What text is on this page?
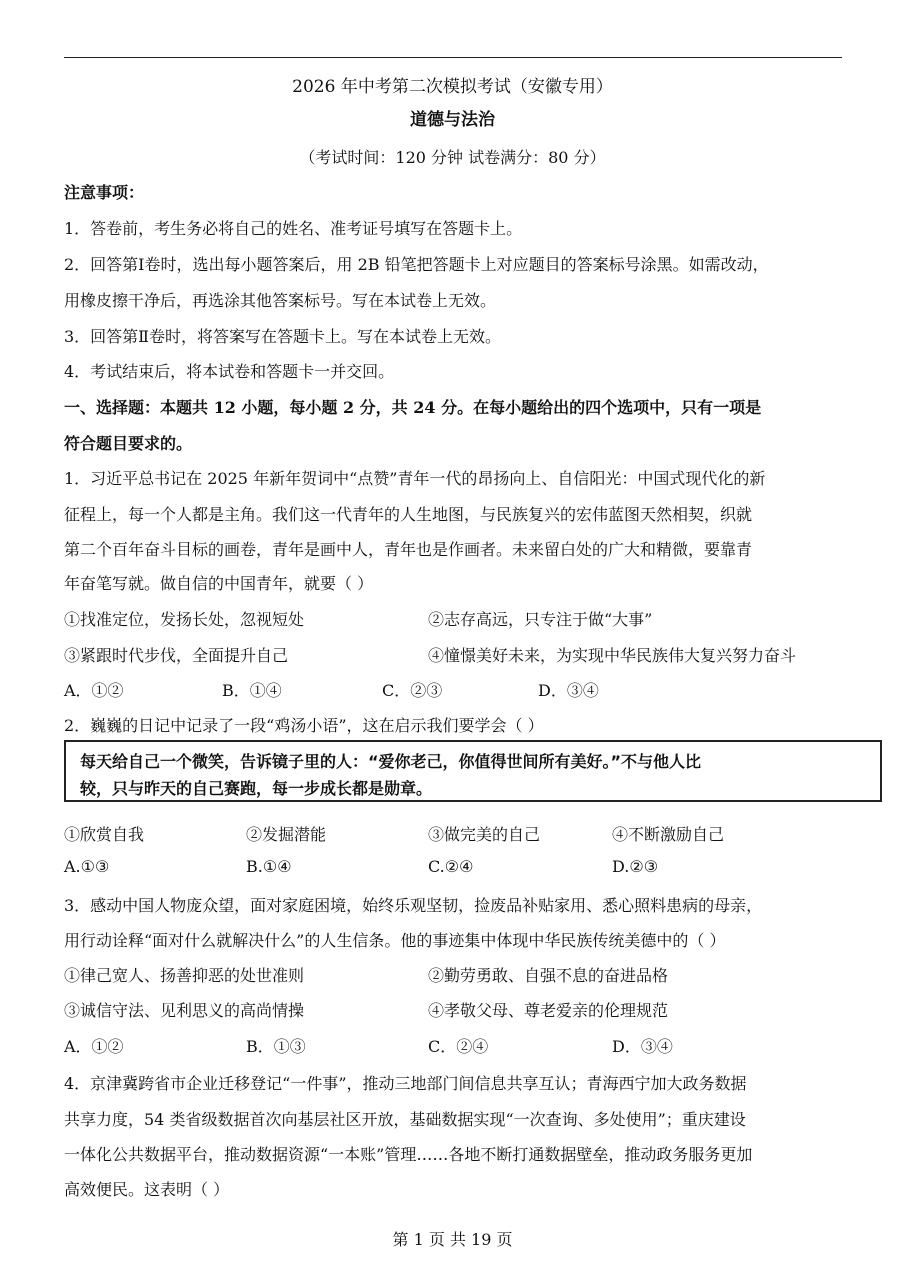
2026 年中考第二次模拟考试（安徽专用）
道德与法治
（考试时间：120 分钟 试卷满分：80 分）
注意事项：
1．答卷前，考生务必将自己的姓名、准考证号填写在答题卡上。
2．回答第Ⅰ卷时，选出每小题答案后，用 2B 铅笔把答题卡上对应题目的答案标号涂黑。如需改动，
用橡皮擦干净后，再选涂其他答案标号。写在本试卷上无效。
3．回答第Ⅱ卷时，将答案写在答题卡上。写在本试卷上无效。
4．考试结束后，将本试卷和答题卡一并交回。
一、选择题：本题共 12 小题，每小题 2 分，共 24 分。在每小题给出的四个选项中，只有一项是
符合题目要求的。
1．习近平总书记在 2025 年新年贺词中“点赞”青年一代的昂扬向上、自信阳光：中国式现代化的新
征程上，每一个人都是主角。我们这一代青年的人生地图，与民族复兴的宏伟蓝图天然相契，织就
第二个百年奋斗目标的画卷，青年是画中人，青年也是作画者。未来留白处的广大和精微，要靠青
年奋笔写就。做自信的中国青年，就要（ ）
①找准定位，发扬长处，忽视短处	②志存高远，只专注于做“大事”
③紧跟时代步伐，全面提升自己	④憧憬美好未来，为实现中华民族伟大复兴努力奋斗
A．①②	B．①④	C．②③	D．③④
2．巍巍的日记中记录了一段“鸡汤小语”，这在启示我们要学会（ ）
每天给自己一个微笑，告诉镜子里的人：“爱你老己，你值得世间所有美好。”不与他人比
较，只与昨天的自己赛跑，每一步成长都是勋章。
①欣赏自我	②发掘潜能	③做完美的自己	④不断激励自己
A.①③	B.①④	C.②④	D.②③
3．感动中国人物庞众望，面对家庭困境，始终乐观坚韧，捡废品补贴家用、悉心照料患病的母亲，
用行动诠释“面对什么就解决什么”的人生信条。他的事迹集中体现中华民族传统美德中的（ ）
①律己宽人、扬善抑恶的处世准则	②勤劳勇敢、自强不息的奋进品格
③诚信守法、见利思义的高尚情操	④孝敬父母、尊老爱亲的伦理规范
A．①②	B．①③	C．②④	D．③④
4．京津冀跨省市企业迁移登记“一件事”，推动三地部门间信息共享互认；青海西宁加大政务数据
共享力度，54 类省级数据首次向基层社区开放，基础数据实现“一次查询、多处使用”；重庆建设
一体化公共数据平台，推动数据资源“一本账”管理……各地不断打通数据壁垒，推动政务服务更加
高效便民。这表明（ ）
第 1 页 共 19 页
